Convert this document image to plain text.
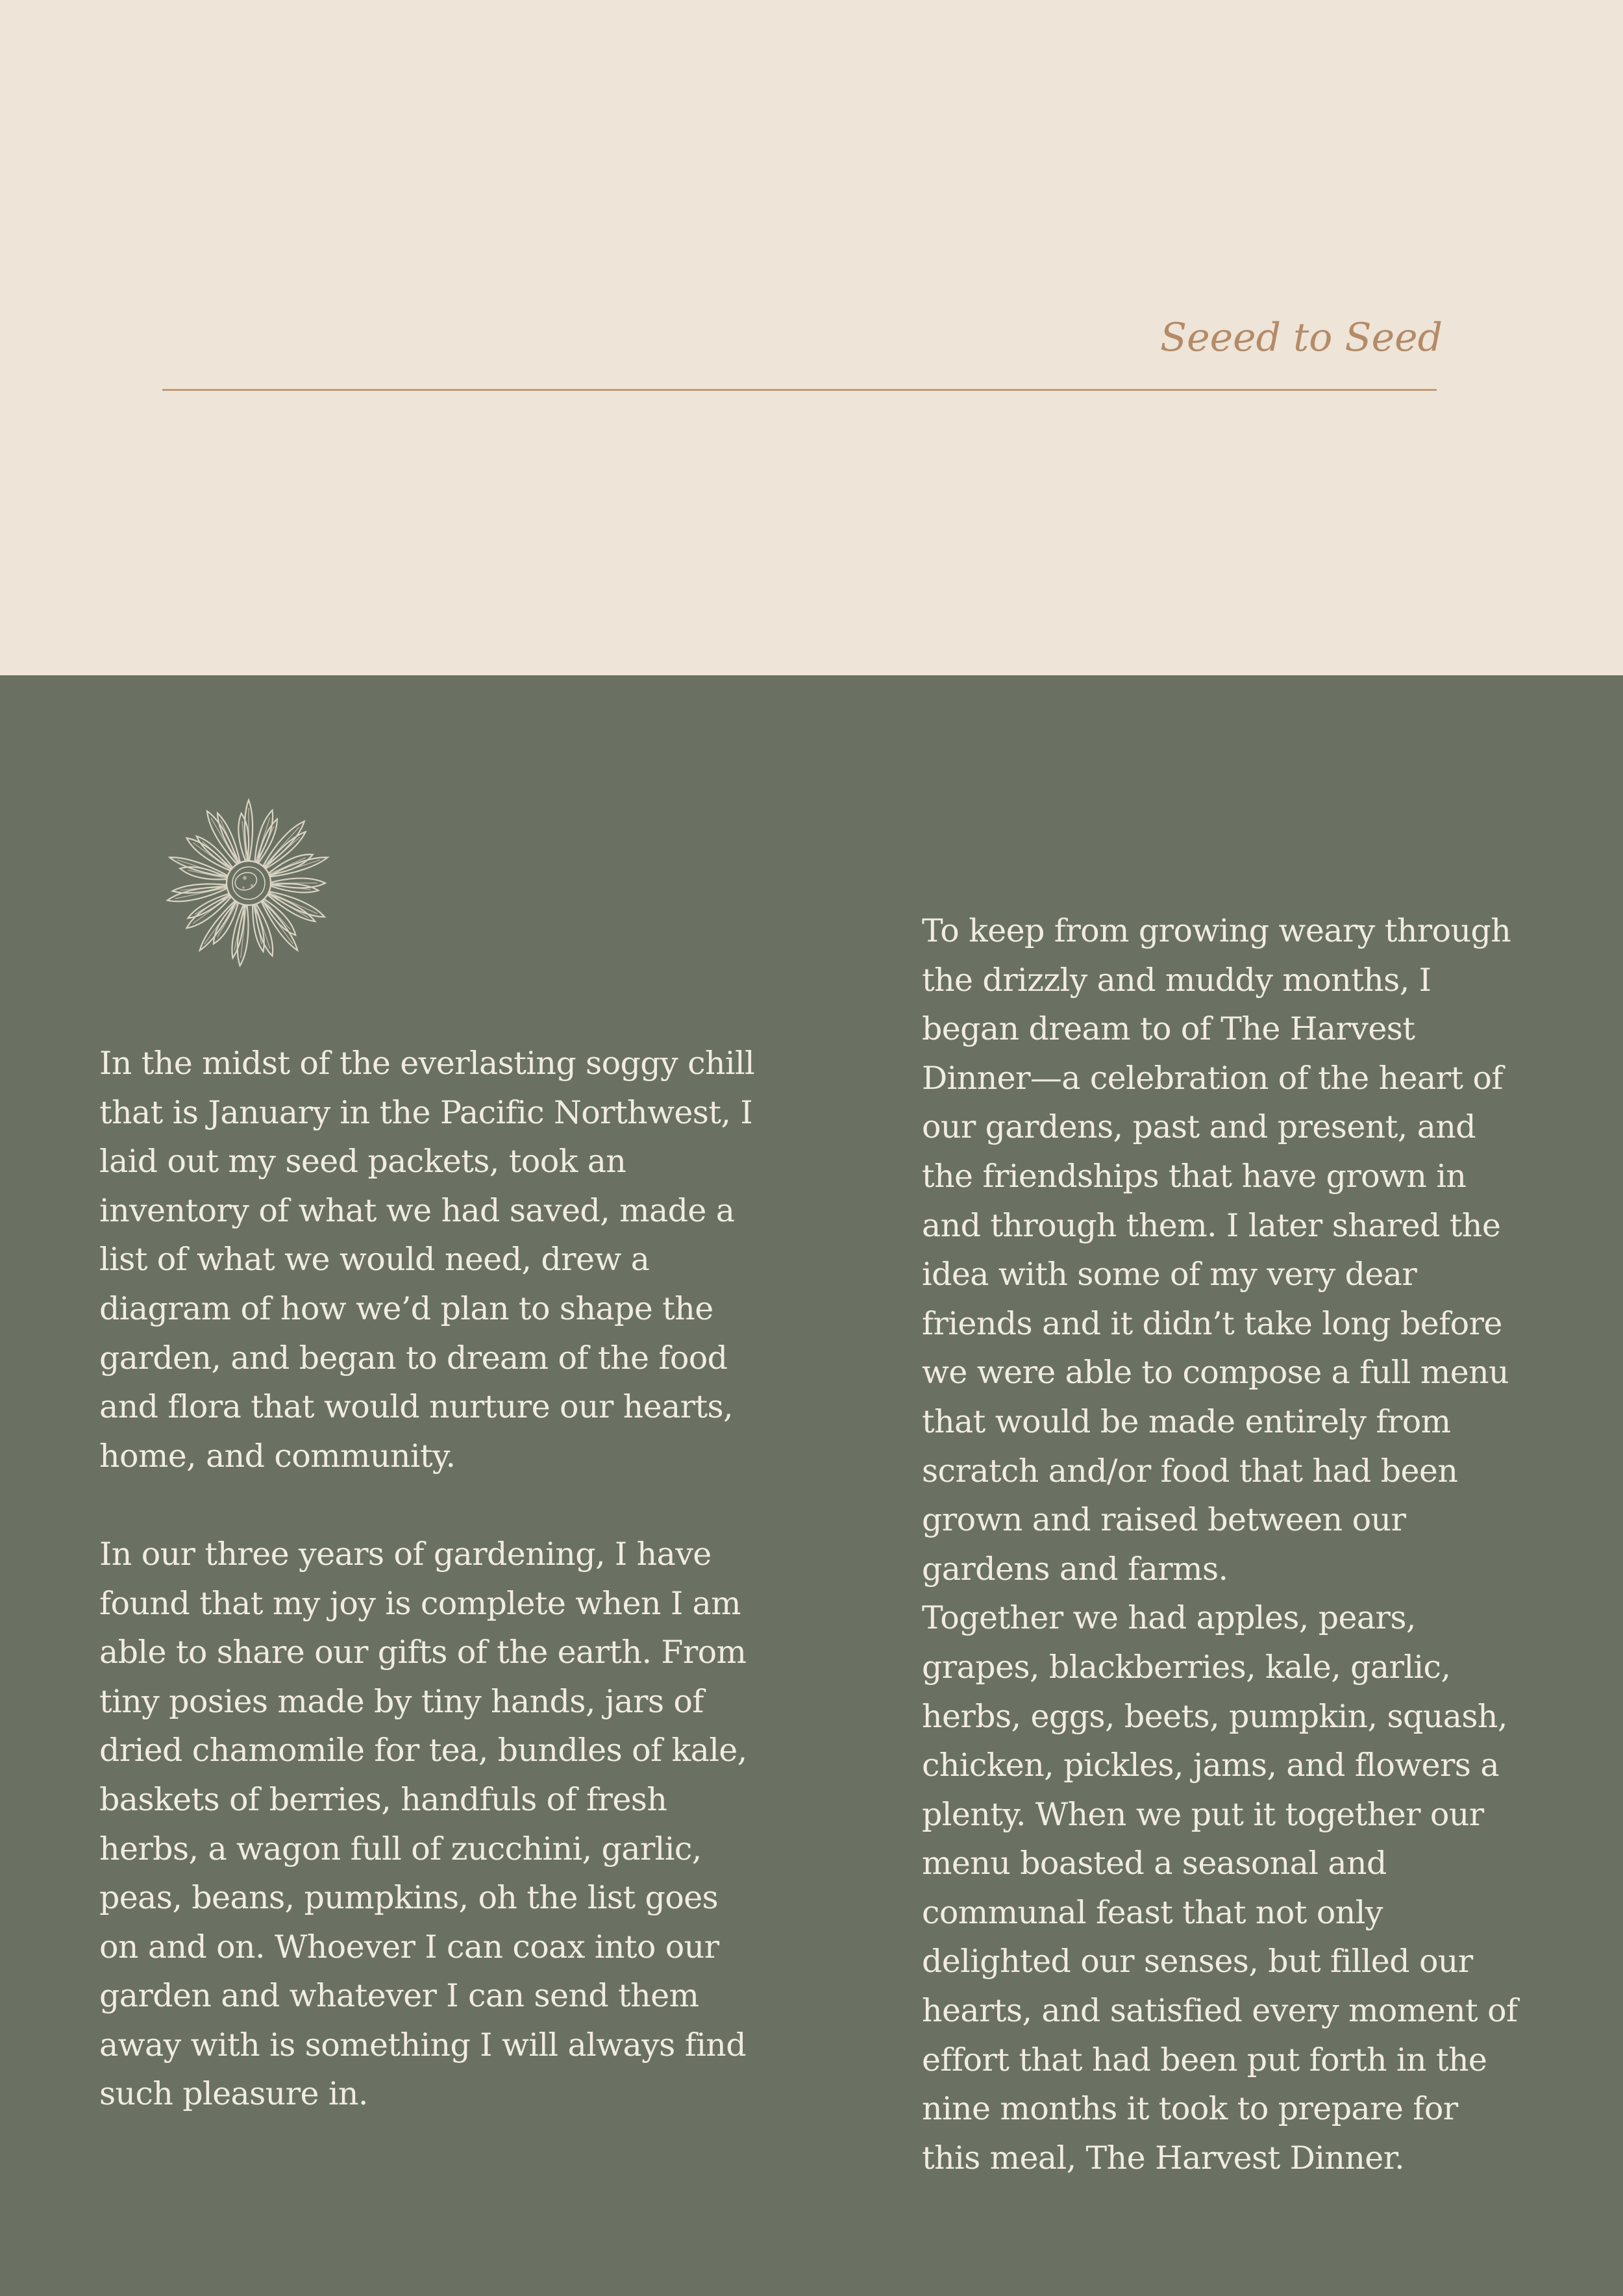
Seeed to Seed
In the midst of the everlasting soggy chill
that is January in the Pacific Northwest, I
laid out my seed packets, took an
inventory of what we had saved, made a
list of what we would need, drew a
diagram of how we’d plan to shape the
garden, and began to dream of the food
and flora that would nurture our hearts,
home, and community.
In our three years of gardening, I have
found that my joy is complete when I am
able to share our gifts of the earth. From
tiny posies made by tiny hands, jars of
dried chamomile for tea, bundles of kale,
baskets of berries, handfuls of fresh
herbs, a wagon full of zucchini, garlic,
peas, beans, pumpkins, oh the list goes
on and on. Whoever I can coax into our
garden and whatever I can send them
away with is something I will always find
such pleasure in.
To keep from growing weary through
the drizzly and muddy months, I
began dream to of The Harvest
Dinner—a celebration of the heart of
our gardens, past and present, and
the friendships that have grown in
and through them. I later shared the
idea with some of my very dear
friends and it didn’t take long before
we were able to compose a full menu
that would be made entirely from
scratch and/or food that had been
grown and raised between our
gardens and farms.
Together we had apples, pears,
grapes, blackberries, kale, garlic,
herbs, eggs, beets, pumpkin, squash,
chicken, pickles, jams, and flowers a
plenty. When we put it together our
menu boasted a seasonal and
communal feast that not only
delighted our senses, but filled our
hearts, and satisfied every moment of
effort that had been put forth in the
nine months it took to prepare for
this meal, The Harvest Dinner.
